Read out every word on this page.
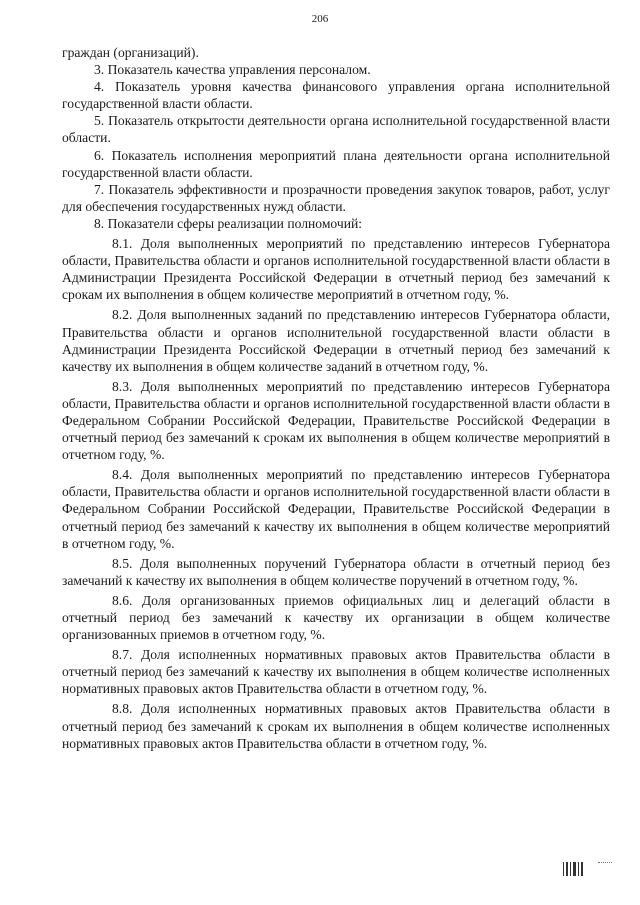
206

граждан (организаций).

3. Показатель качества управления персоналом.

4. Показатель уровня качества финансового управления органа исполнительной государственной власти области.

5. Показатель открытости деятельности органа исполнительной государственной власти области.

6. Показатель исполнения мероприятий плана деятельности органа исполнительной государственной власти области.

7. Показатель эффективности и прозрачности проведения закупок товаров, работ, услуг для обеспечения государственных нужд области.

8. Показатели сферы реализации полномочий:

8.1. Доля выполненных мероприятий по представлению интересов Губернатора области, Правительства области и органов исполнительной государственной власти области в Администрации Президента Российской Федерации в отчетный период без замечаний к срокам их выполнения в общем количестве мероприятий в отчетном году, %.

8.2. Доля выполненных заданий по представлению интересов Губернатора области, Правительства области и органов исполнительной государственной власти области в Администрации Президента Российской Федерации в отчетный период без замечаний к качеству их выполнения в общем количестве заданий в отчетном году, %.

8.3. Доля выполненных мероприятий по представлению интересов Губернатора области, Правительства области и органов исполнительной государственной власти области в Федеральном Собрании Российской Федерации, Правительстве Российской Федерации в отчетный период без замечаний к срокам их выполнения в общем количестве мероприятий в отчетном году, %.

8.4. Доля выполненных мероприятий по представлению интересов Губернатора области, Правительства области и органов исполнительной государственной власти области в Федеральном Собрании Российской Федерации, Правительстве Российской Федерации в отчетный период без замечаний к качеству их выполнения в общем количестве мероприятий в отчетном году, %.

8.5. Доля выполненных поручений Губернатора области в отчетный период без замечаний к качеству их выполнения в общем количестве поручений в отчетном году, %.

8.6. Доля организованных приемов официальных лиц и делегаций области в отчетный период без замечаний к качеству их организации в общем количестве организованных приемов в отчетном году, %.

8.7. Доля исполненных нормативных правовых актов Правительства области в отчетный период без замечаний к качеству их выполнения в общем количестве исполненных нормативных правовых актов Правительства области в отчетном году, %.

8.8. Доля исполненных нормативных правовых актов Правительства области в отчетный период без замечаний к срокам их выполнения в общем количестве исполненных нормативных правовых актов Правительства области в отчетном году, %.
